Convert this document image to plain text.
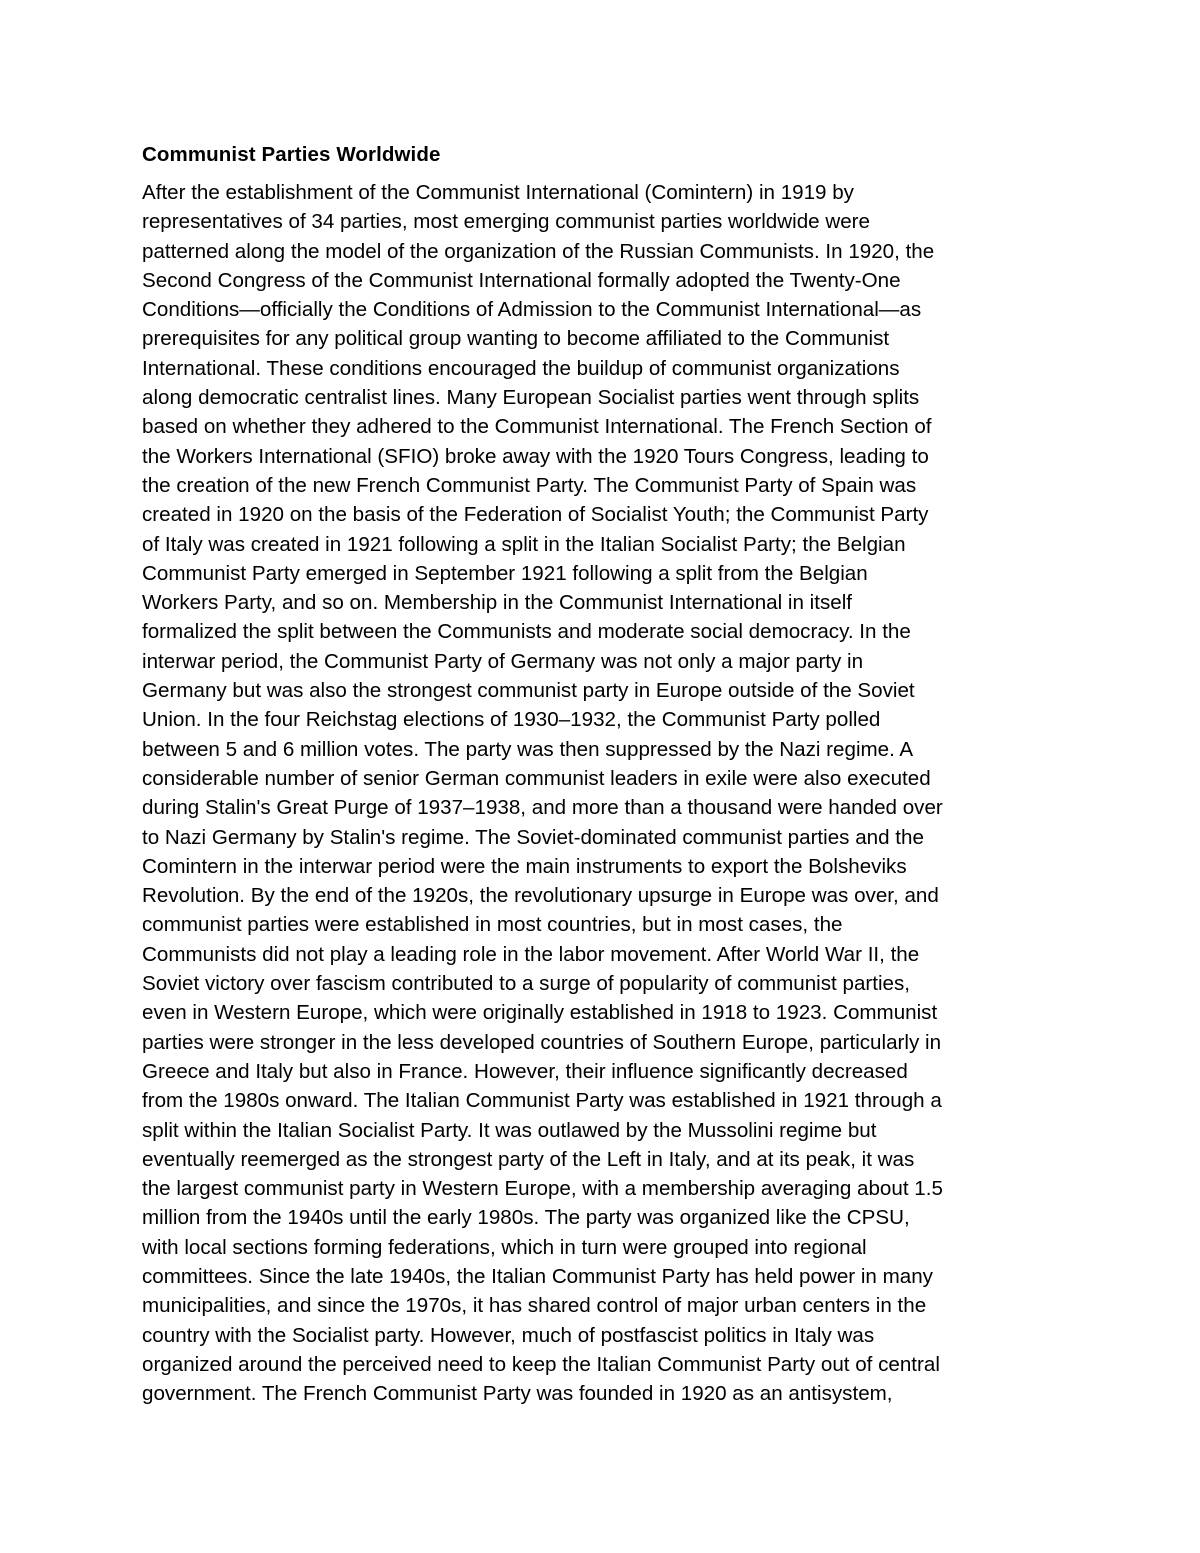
Communist Parties Worldwide

After the establishment of the Communist International (Comintern) in 1919 by
representatives of 34 parties, most emerging communist parties worldwide were
patterned along the model of the organization of the Russian Communists. In 1920, the
Second Congress of the Communist International formally adopted the Twenty-One
Conditions—officially the Conditions of Admission to the Communist International—as
prerequisites for any political group wanting to become affiliated to the Communist
International. These conditions encouraged the buildup of communist organizations
along democratic centralist lines. Many European Socialist parties went through splits
based on whether they adhered to the Communist International. The French Section of
the Workers International (SFIO) broke away with the 1920 Tours Congress, leading to
the creation of the new French Communist Party. The Communist Party of Spain was
created in 1920 on the basis of the Federation of Socialist Youth; the Communist Party
of Italy was created in 1921 following a split in the Italian Socialist Party; the Belgian
Communist Party emerged in September 1921 following a split from the Belgian
Workers Party, and so on. Membership in the Communist International in itself
formalized the split between the Communists and moderate social democracy. In the
interwar period, the Communist Party of Germany was not only a major party in
Germany but was also the strongest communist party in Europe outside of the Soviet
Union. In the four Reichstag elections of 1930–1932, the Communist Party polled
between 5 and 6 million votes. The party was then suppressed by the Nazi regime. A
considerable number of senior German communist leaders in exile were also executed
during Stalin's Great Purge of 1937–1938, and more than a thousand were handed over
to Nazi Germany by Stalin's regime. The Soviet-dominated communist parties and the
Comintern in the interwar period were the main instruments to export the Bolsheviks
Revolution. By the end of the 1920s, the revolutionary upsurge in Europe was over, and
communist parties were established in most countries, but in most cases, the
Communists did not play a leading role in the labor movement. After World War II, the
Soviet victory over fascism contributed to a surge of popularity of communist parties,
even in Western Europe, which were originally established in 1918 to 1923. Communist
parties were stronger in the less developed countries of Southern Europe, particularly in
Greece and Italy but also in France. However, their influence significantly decreased
from the 1980s onward. The Italian Communist Party was established in 1921 through a
split within the Italian Socialist Party. It was outlawed by the Mussolini regime but
eventually reemerged as the strongest party of the Left in Italy, and at its peak, it was
the largest communist party in Western Europe, with a membership averaging about 1.5
million from the 1940s until the early 1980s. The party was organized like the CPSU,
with local sections forming federations, which in turn were grouped into regional
committees. Since the late 1940s, the Italian Communist Party has held power in many
municipalities, and since the 1970s, it has shared control of major urban centers in the
country with the Socialist party. However, much of postfascist politics in Italy was
organized around the perceived need to keep the Italian Communist Party out of central
government. The French Communist Party was founded in 1920 as an antisystem,
